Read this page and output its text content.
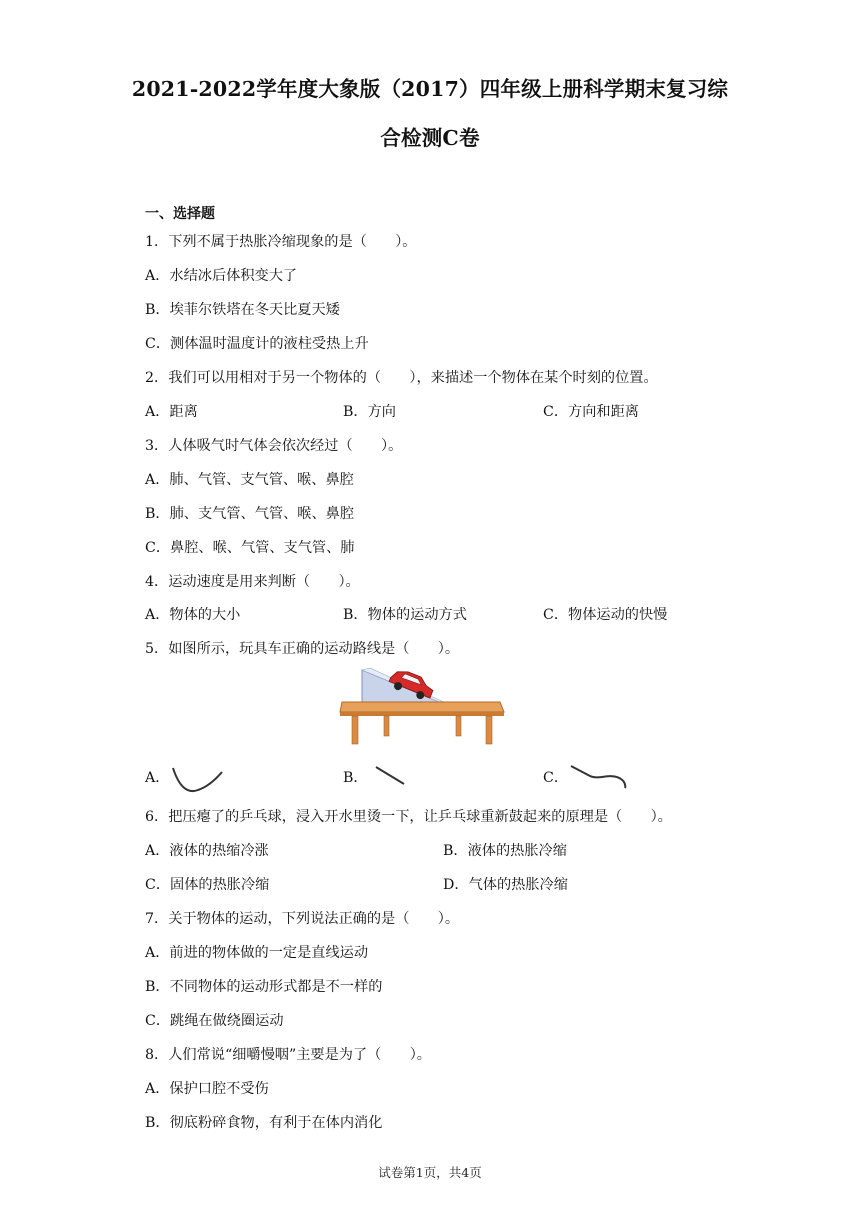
2021-2022学年度大象版（2017）四年级上册科学期末复习综
合检测C卷
一、选择题
1．下列不属于热胀冷缩现象的是（　　）。
A．水结冰后体积变大了
B．埃菲尔铁塔在冬天比夏天矮
C．测体温时温度计的液柱受热上升
2．我们可以用相对于另一个物体的（　　），来描述一个物体在某个时刻的位置。
A．距离	B．方向	C．方向和距离
3．人体吸气时气体会依次经过（　　）。
A．肺、气管、支气管、喉、鼻腔
B．肺、支气管、气管、喉、鼻腔
C．鼻腔、喉、气管、支气管、肺
4．运动速度是用来判断（　　）。
A．物体的大小	B．物体的运动方式	C．物体运动的快慢
5．如图所示，玩具车正确的运动路线是（　　）。
A．	B．	C．
6．把压瘪了的乒乓球，浸入开水里烫一下，让乒乓球重新鼓起来的原理是（　　）。
A．液体的热缩冷涨	B．液体的热胀冷缩
C．固体的热胀冷缩	D．气体的热胀冷缩
7．关于物体的运动，下列说法正确的是（　　）。
A．前进的物体做的一定是直线运动
B．不同物体的运动形式都是不一样的
C．跳绳在做绕圈运动
8．人们常说“细嚼慢咽”主要是为了（　　）。
A．保护口腔不受伤
B．彻底粉碎食物，有利于在体内消化
试卷第1页，共4页
